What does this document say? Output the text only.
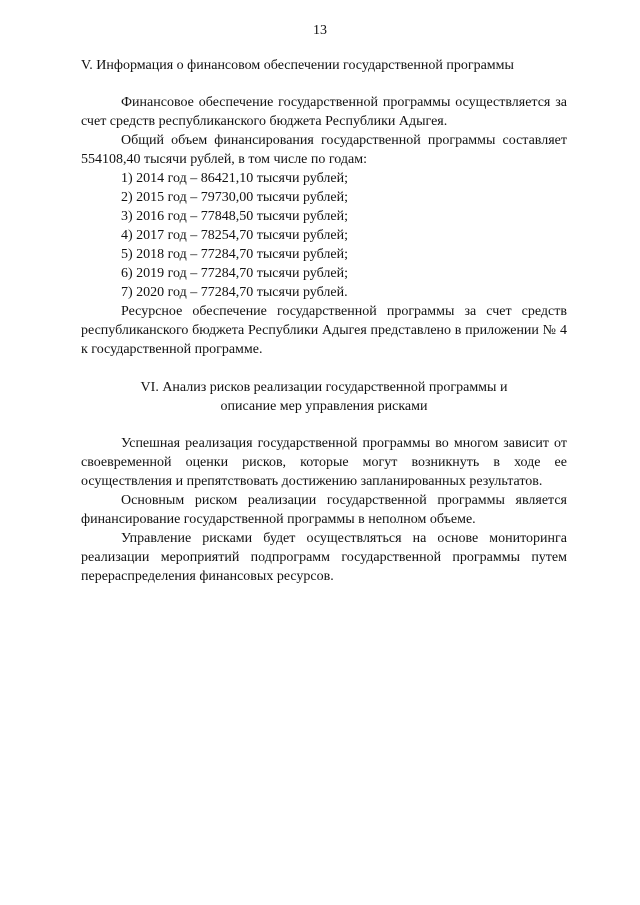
13
V. Информация о финансовом обеспечении государственной программы

Финансовое обеспечение государственной программы осуществляется за счет средств республиканского бюджета Республики Адыгея.

Общий объем финансирования государственной программы составляет 554108,40 тысячи рублей, в том числе по годам:

1) 2014 год – 86421,10 тысячи рублей;
2) 2015 год – 79730,00 тысячи рублей;
3) 2016 год – 77848,50 тысячи рублей;
4) 2017 год – 78254,70 тысячи рублей;
5) 2018 год – 77284,70 тысячи рублей;
6) 2019 год – 77284,70 тысячи рублей;
7) 2020 год – 77284,70 тысячи рублей.

Ресурсное обеспечение государственной программы за счет средств республиканского бюджета Республики Адыгея представлено в приложении № 4 к государственной программе.

VI. Анализ рисков реализации государственной программы и
описание мер управления рисками

Успешная реализация государственной программы во многом зависит от своевременной оценки рисков, которые могут возникнуть в ходе ее осуществления и препятствовать достижению запланированных результатов.

Основным риском реализации государственной программы является финансирование государственной программы в неполном объеме.

Управление рисками будет осуществляться на основе мониторинга реализации мероприятий подпрограмм государственной программы путем перераспределения финансовых ресурсов.
